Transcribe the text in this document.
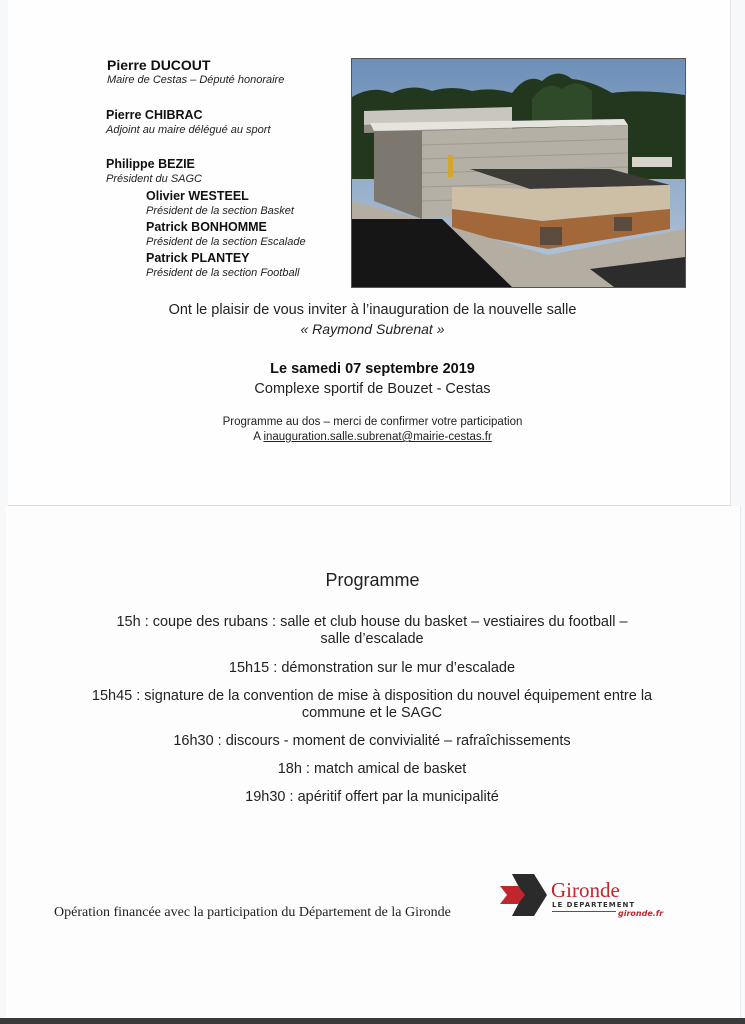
Pierre DUCOUT
Maire de Cestas – Député honoraire
Pierre CHIBRAC
Adjoint au maire délégué au sport
Philippe BEZIE
Président du SAGC
Olivier WESTEEL
Président de la section Basket
Patrick BONHOMME
Président de la section Escalade
Patrick PLANTEY
Président de la section Football
Ont le plaisir de vous inviter à l’inauguration de la nouvelle salle
« Raymond Subrenat »
Le samedi 07 septembre 2019
Complexe sportif de Bouzet - Cestas
Programme au dos – merci de confirmer votre participation
A inauguration.salle.subrenat@mairie-cestas.fr
Programme
15h : coupe des rubans : salle et club house du basket – vestiaires du football –
salle d’escalade
15h15 : démonstration sur le mur d’escalade
15h45 : signature de la convention de mise à disposition du nouvel équipement entre la
commune et le SAGC
16h30 : discours - moment de convivialité – rafraîchissements
18h : match amical de basket
19h30 : apéritif offert par la municipalité
Opération financée avec la participation du Département de la Gironde
Gironde
LE DEPARTEMENT
gironde.fr
